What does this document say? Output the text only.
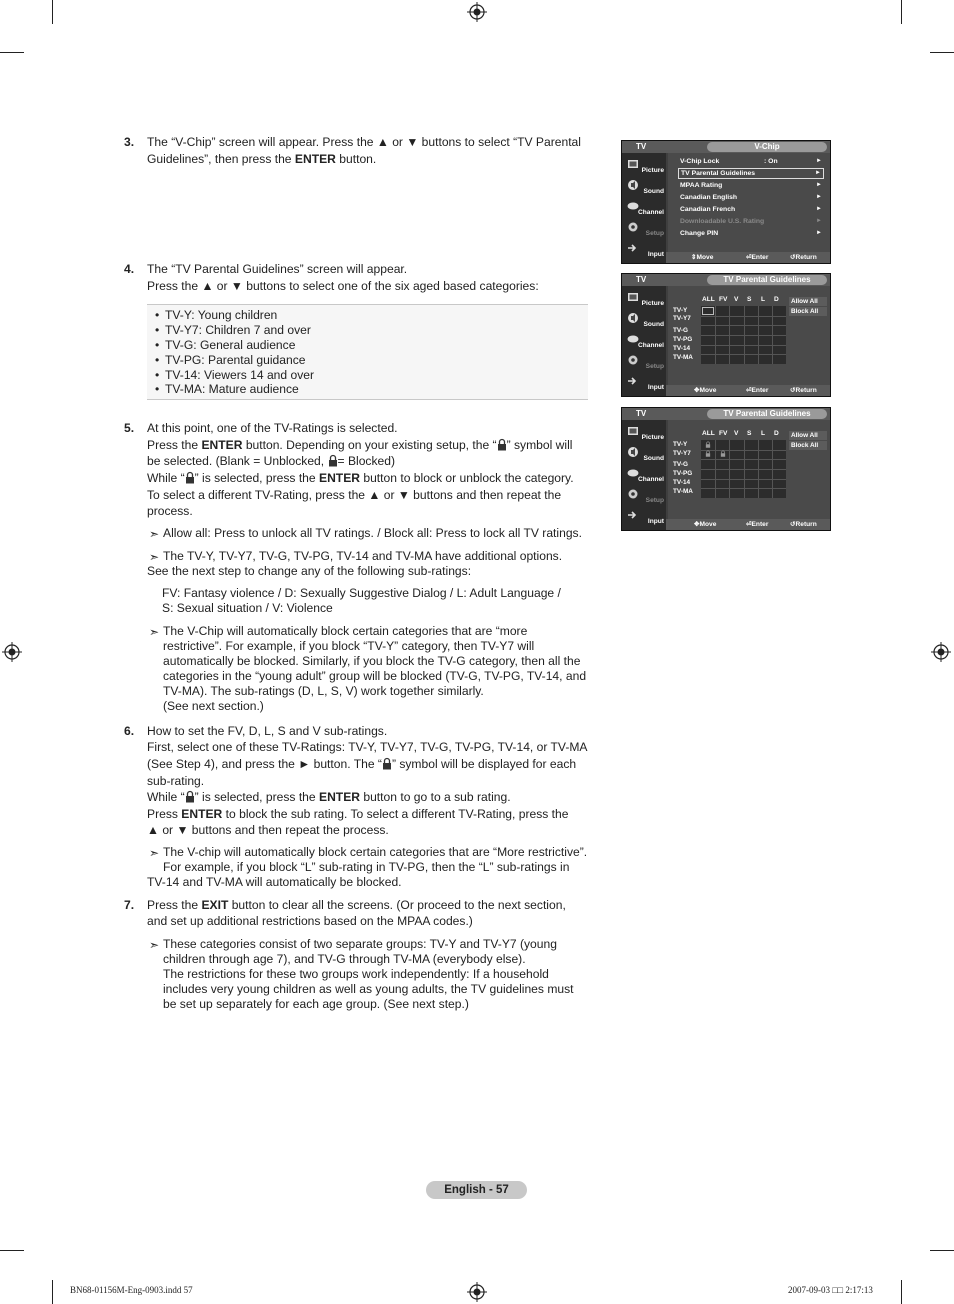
3. The “V-Chip” screen will appear. Press the ▲ or ▼ buttons to select “TV Parental Guidelines”, then press the ENTER button.

4. The “TV Parental Guidelines” screen will appear.

Press the ▲ or ▼ buttons to select one of the six aged based categories:

• TV-Y: Young children
• TV-Y7: Children 7 and over
• TV-G: General audience
• TV-PG: Parental guidance
• TV-14: Viewers 14 and over
• TV-MA: Mature audience
5. At this point, one of the TV-Ratings is selected.

Press the ENTER button. Depending on your existing setup, the “ ” symbol will be selected. (Blank = Unblocked, = Blocked)

While “ ” is selected, press the ENTER button to block or unblock the category.

To select a different TV-Rating, press the ▲ or ▼ buttons and then repeat the process.

➣ Allow all: Press to unlock all TV ratings. / Block all: Press to lock all TV ratings.

➣ The TV-Y, TV-Y7, TV-G, TV-PG, TV-14 and TV-MA have additional options.

See the next step to change any of the following sub-ratings:

FV: Fantasy violence / D: Sexually Suggestive Dialog / L: Adult Language /

S: Sexual situation / V: Violence

➣ The V-Chip will automatically block certain categories that are “more

restrictive”. For example, if you block “TV-Y” category, then TV-Y7 will

automatically be blocked. Similarly, if you block the TV-G category, then all the

categories in the “young adult” group will be blocked (TV-G, TV-PG, TV-14, and

TV-MA). The sub-ratings (D, L, S, V) work together similarly.

(See next section.)

6. How to set the FV, D, L, S and V sub-ratings.

First, select one of these TV-Ratings: TV-Y, TV-Y7, TV-G, TV-PG, TV-14, or TV-MA

(See Step 4), and press the ► button. The “ ” symbol will be displayed for each sub-rating.

While “ ” is selected, press the ENTER button to go to a sub rating.

Press ENTER to block the sub rating. To select a different TV-Rating, press the

▲ or ▼ buttons and then repeat the process.

➣ The V-chip will automatically block certain categories that are “More restrictive”.

For example, if you block “L” sub-rating in TV-PG, then the “L” sub-ratings in

TV-14 and TV-MA will automatically be blocked.

7. Press the EXIT button to clear all the screens. (Or proceed to the next section,

and set up additional restrictions based on the MPAA codes.)

➣ These categories consist of two separate groups: TV-Y and TV-Y7 (young

children through age 7), and TV-G through TV-MA (everybody else).

The restrictions for these two groups work independently: If a household

includes very young children as well as young adults, the TV guidelines must

be set up separately for each age group. (See next step.)

TV	V-Chip
Picture
Sound
Channel
Setup
Input
V-Chip Lock	: On	►
TV Parental Guidelines	►
MPAA Rating	►
Canadian English	►
Canadian French	►
Downloadable U.S. Rating	►
Change PIN	►
⇕ Move	⏎ Enter	↺ Return
TV	TV Parental Guidelines
Picture
Sound
Channel
Setup
Input
ALL FV V S L D
TV-Y
TV-Y7
TV-G
TV-PG
TV-14
TV-MA
Allow All
Block All
✥ Move	⏎ Enter	↺ Return
TV	TV Parental Guidelines
Picture
Sound
Channel
Setup
Input
ALL FV V S L D
TV-Y
TV-Y7
TV-G
TV-PG
TV-14
TV-MA
Allow All
Block All
✥ Move	⏎ Enter	↺ Return
English - 57
BN68-01156M-Eng-0903.indd 57	2007-09-03 □□ 2:17:13
